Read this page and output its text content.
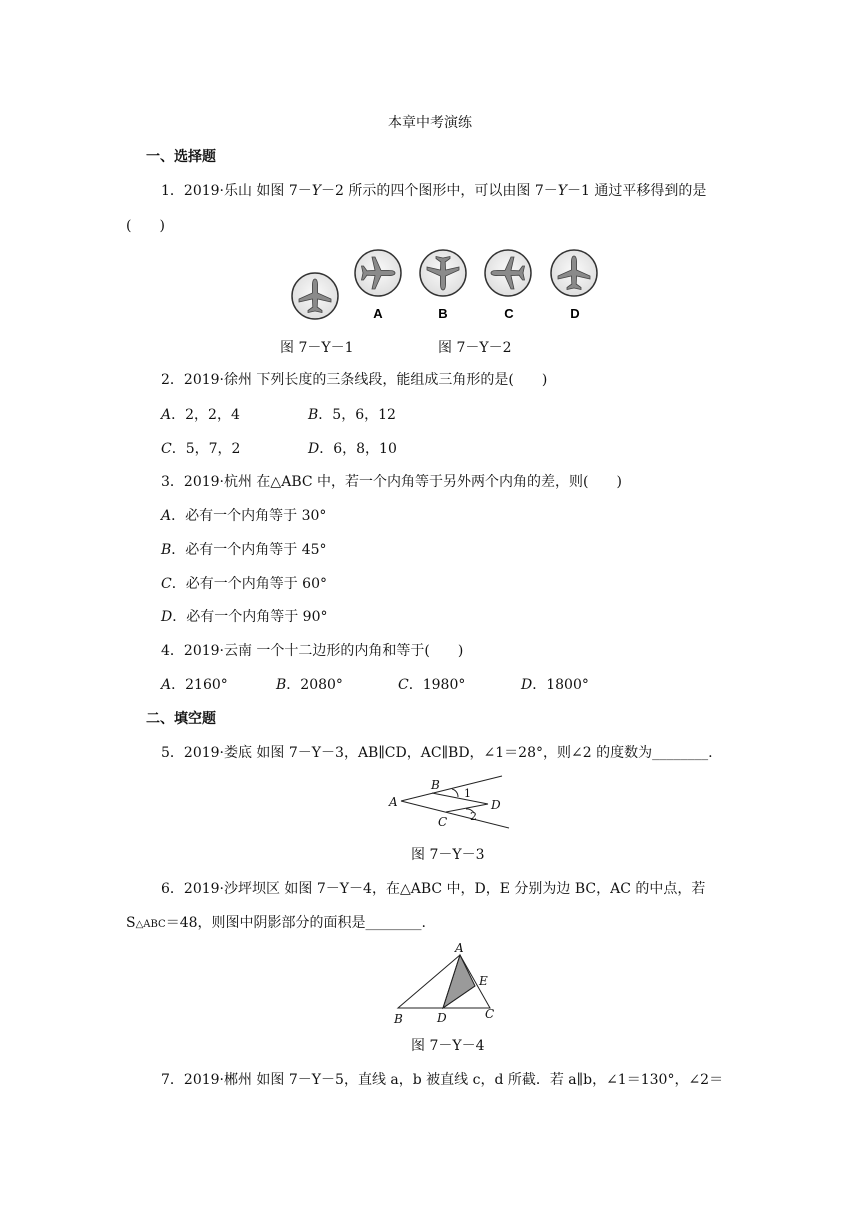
本章中考演练
一、选择题
1．2019·乐山 如图 7－Y－2 所示的四个图形中，可以由图 7－Y－1 通过平移得到的是
(　　)
A	B	C	D
图 7－Y－1	图 7－Y－2
2．2019·徐州 下列长度的三条线段，能组成三角形的是(　　)
A．2，2，4	B．5，6，12
C．5，7，2	D．6，8，10
3．2019·杭州 在△ABC 中，若一个内角等于另外两个内角的差，则(　　)
A．必有一个内角等于 30°
B．必有一个内角等于 45°
C．必有一个内角等于 60°
D．必有一个内角等于 90°
4．2019·云南 一个十二边形的内角和等于(　　)
A．2160°	B．2080°	C．1980°	D．1800°
二、填空题
5．2019·娄底 如图 7－Y－3，AB∥CD，AC∥BD，∠1＝28°，则∠2 的度数为________.
A
B
C
D
1
2
图 7－Y－3
6．2019·沙坪坝区 如图 7－Y－4，在△ABC 中，D，E 分别为边 BC，AC 的中点，若
S△ABC＝48，则图中阴影部分的面积是________.
A
B	C
D
E
图 7－Y－4
7．2019·郴州 如图 7－Y－5，直线 a，b 被直线 c，d 所截．若 a∥b，∠1＝130°，∠2＝
